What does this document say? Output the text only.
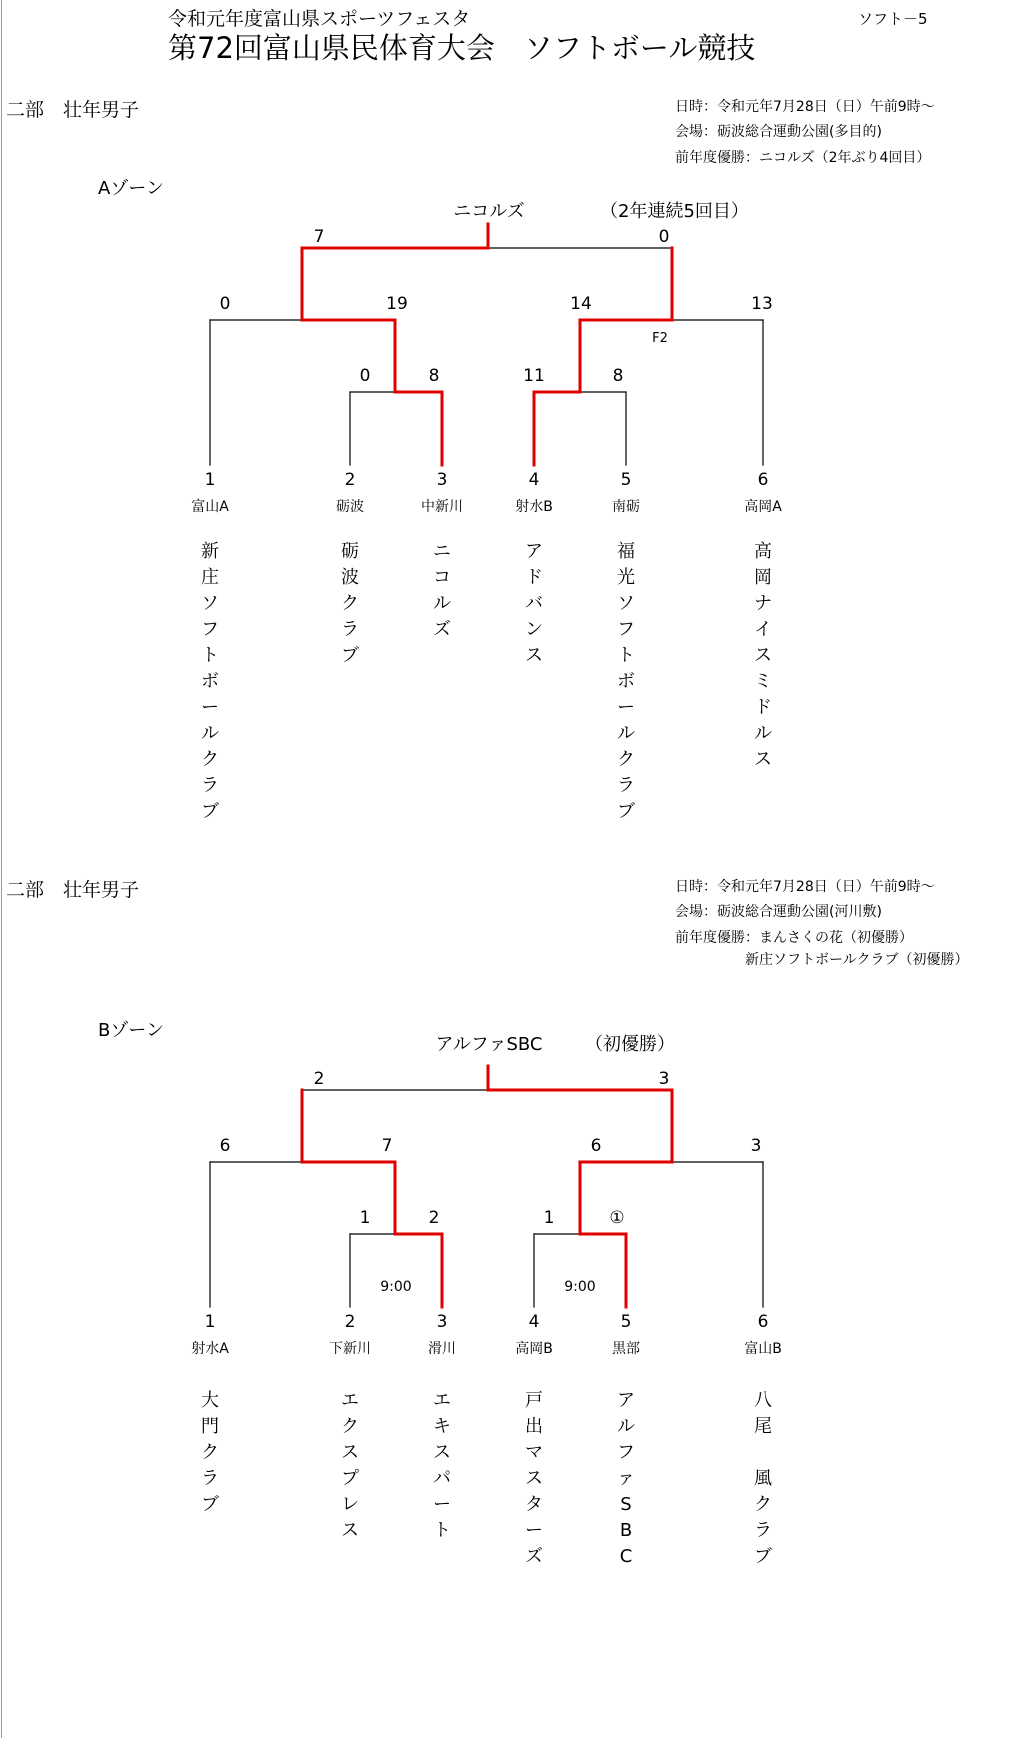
令和元年度富山県スポーツフェスタ
第72回富山県民体育大会　ソフトボール競技
ソフト－5
二部　壮年男子	日時：令和元年7月28日（日）午前9時～
会場：砺波総合運動公園(多目的)
前年度優勝：ニコルズ（2年ぶり4回目）
Aゾーン
ニコルズ	（2年連続5回目）
7	0
0	19	14	13
F2
0	8	11	8
1
富山A
新
庄
ソ
フ
ト
ボ
ー
ル
ク
ラ
ブ
2
砺波
砺
波
ク
ラ
ブ
3
中新川
ニ
コ
ル
ズ
4
射水B
ア
ド
バ
ン
ス
5
南砺
福
光
ソ
フ
ト
ボ
ー
ル
ク
ラ
ブ
6
高岡A
高
岡
ナ
イ
ス
ミ
ド
ル
ス
二部　壮年男子	日時：令和元年7月28日（日）午前9時～
会場：砺波総合運動公園(河川敷)
前年度優勝：まんさくの花（初優勝）
新庄ソフトボールクラブ（初優勝）
Bゾーン
アルファSBC （初優勝）
2	3
6	7	6	3
1	2	1	①
9:00	9:00
1
射水A
大
門
ク
ラ
ブ
2
下新川
エ
ク
ス
プ
レ
ス
3
滑川
エ
キ
ス
パ
ー
ト
4
高岡B
戸
出
マ
ス
タ
ー
ズ
5
黒部
ア
ル
フ
ァ
S
B
C
6
富山B
八
尾

風
ク
ラ
ブ
